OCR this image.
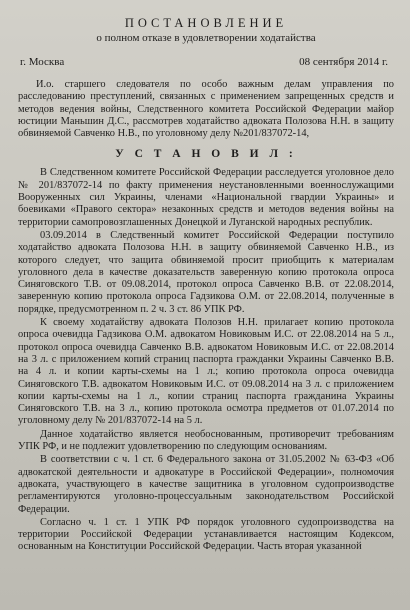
ПОСТАНОВЛЕНИЕ

о полном отказе в удовлетворении ходатайства

г. Москва	08 сентября 2014 г.

И.о. старшего следователя по особо важным делам управления по расследованию преступлений, связанных с применением запрещенных средств и методов ведения войны, Следственного комитета Российской Федерации майор юстиции Маньшин Д.С., рассмотрев ходатайство адвоката Полозова Н.Н. в защиту обвиняемой Савченко Н.В., по уголовному делу №201/837072-14,

У С Т А Н О В И Л :

В Следственном комитете Российской Федерации расследуется уголовное дело № 201/837072-14 по факту применения неустановленными военнослужащими Вооруженных сил Украины, членами «Национальной гвардии Украины» и боевиками «Правого сектора» незаконных средств и методов ведения войны на территории самопровозглашенных Донецкой и Луганской народных республик.

03.09.2014 в Следственный комитет Российской Федерации поступило ходатайство адвоката Полозова Н.Н. в защиту обвиняемой Савченко Н.В., из которого следует, что защита обвиняемой просит приобщить к материалам уголовного дела в качестве доказательств заверенную копию протокола опроса Синяговского Т.В. от 09.08.2014, протокол опроса Савченко В.В. от 22.08.2014, заверенную копию протокола опроса Гадзикова О.М. от 22.08.2014, полученные в порядке, предусмотренном п. 2 ч. 3 ст. 86 УПК РФ.

К своему ходатайству адвоката Полозов Н.Н. прилагает копию протокола опроса очевидца Гадзикова О.М. адвокатом Новиковым И.С. от 22.08.2014 на 5 л., протокол опроса очевидца Савченко В.В. адвокатом Новиковым И.С. от 22.08.2014 на 3 л. с приложением копий страниц паспорта гражданки Украины Савченко В.В. на 4 л. и копии карты-схемы на 1 л.; копию протокола опроса очевидца Синяговского Т.В. адвокатом Новиковым И.С. от 09.08.2014 на 3 л. с приложением копии карты-схемы на 1 л., копии страниц паспорта гражданина Украины Синяговского Т.В. на 3 л., копию протокола осмотра предметов от 01.07.2014 по уголовному делу № 201/837072-14 на 5 л.

Данное ходатайство является необоснованным, противоречит требованиям УПК РФ, и не подлежит удовлетворению по следующим основаниям.

В соответствии с ч. 1 ст. 6 Федерального закона от 31.05.2002 № 63-ФЗ «Об адвокатской деятельности и адвокатуре в Российской Федерации», полномочия адвоката, участвующего в качестве защитника в уголовном судопроизводстве регламентируются уголовно-процессуальным законодательством Российской Федерации.

Согласно ч. 1 ст. 1 УПК РФ порядок уголовного судопроизводства на территории Российской Федерации устанавливается настоящим Кодексом, основанным на Конституции Российской Федерации. Часть вторая указанной
